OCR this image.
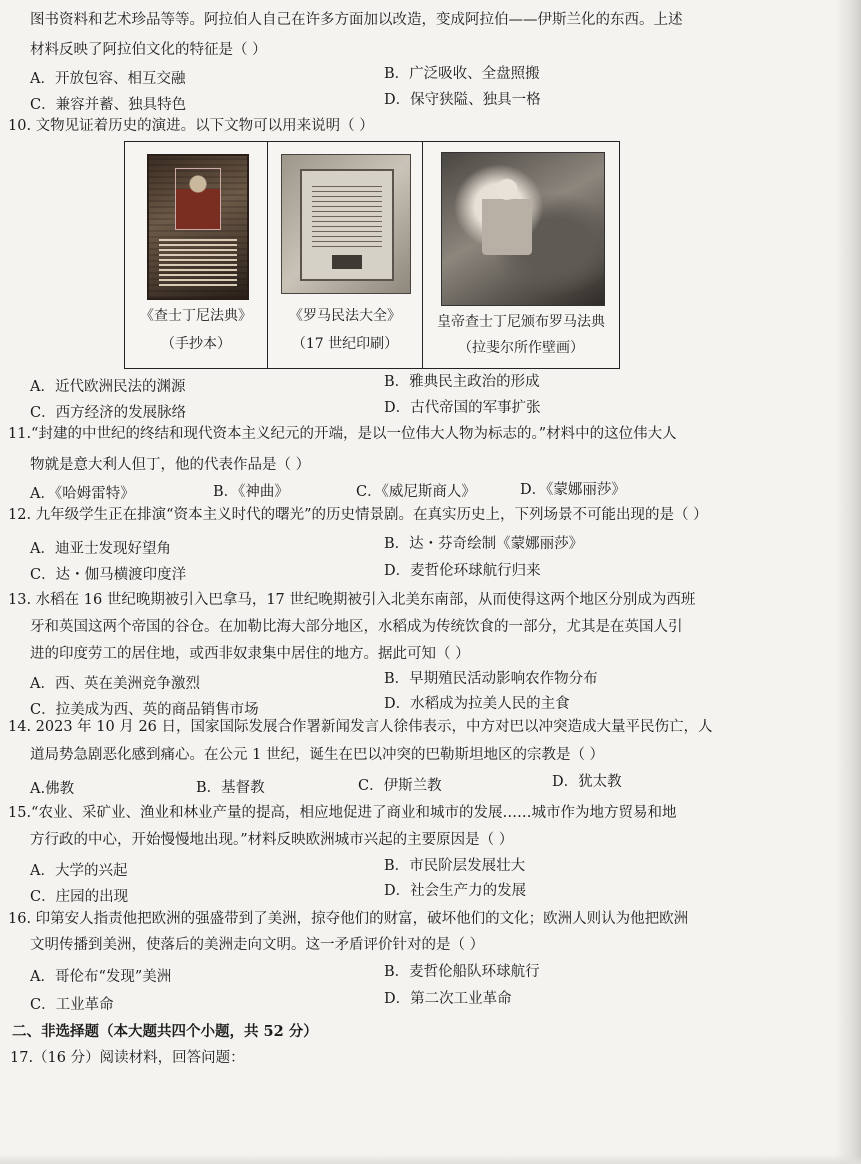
图书资料和艺术珍品等等。阿拉伯人自己在许多方面加以改造，变成阿拉伯——伊斯兰化的东西。上述
材料反映了阿拉伯文化的特征是（ ）
A．开放包容、相互交融	B．广泛吸收、全盘照搬
C．兼容并蓄、独具特色	D．保守狭隘、独具一格
10. 文物见证着历史的演进。以下文物可以用来说明（ ）
《查士丁尼法典》
（手抄本）
《罗马民法大全》
（17 世纪印刷）
皇帝查士丁尼颁布罗马法典
（拉斐尔所作壁画）
A．近代欧洲民法的渊源	B．雅典民主政治的形成
C．西方经济的发展脉络	D．古代帝国的军事扩张
11.“封建的中世纪的终结和现代资本主义纪元的开端，是以一位伟大人物为标志的。”材料中的这位伟大人
物就是意大利人但丁，他的代表作品是（ ）
A．《哈姆雷特》	B．《神曲》	C．《威尼斯商人》	D．《蒙娜丽莎》
12. 九年级学生正在排演“资本主义时代的曙光”的历史情景剧。在真实历史上，下列场景不可能出现的是（ ）
A．迪亚士发现好望角	B．达・芬奇绘制《蒙娜丽莎》
C．达・伽马横渡印度洋	D．麦哲伦环球航行归来
13. 水稻在 16 世纪晚期被引入巴拿马，17 世纪晚期被引入北美东南部，从而使得这两个地区分别成为西班
牙和英国这两个帝国的谷仓。在加勒比海大部分地区，水稻成为传统饮食的一部分，尤其是在英国人引
进的印度劳工的居住地，或西非奴隶集中居住的地方。据此可知（ ）
A．西、英在美洲竞争激烈	B．早期殖民活动影响农作物分布
C．拉美成为西、英的商品销售市场	D．水稻成为拉美人民的主食
14. 2023 年 10 月 26 日，国家国际发展合作署新闻发言人徐伟表示，中方对巴以冲突造成大量平民伤亡，人
道局势急剧恶化感到痛心。在公元 1 世纪，诞生在巴以冲突的巴勒斯坦地区的宗教是（ ）
A.佛教	B．基督教	C．伊斯兰教	D．犹太教
15.“农业、采矿业、渔业和林业产量的提高，相应地促进了商业和城市的发展……城市作为地方贸易和地
方行政的中心，开始慢慢地出现。”材料反映欧洲城市兴起的主要原因是（ ）
A．大学的兴起	B．市民阶层发展壮大
C．庄园的出现	D．社会生产力的发展
16. 印第安人指责他把欧洲的强盛带到了美洲，掠夺他们的财富，破坏他们的文化；欧洲人则认为他把欧洲
文明传播到美洲，使落后的美洲走向文明。这一矛盾评价针对的是（ ）
A．哥伦布“发现”美洲	B．麦哲伦船队环球航行
C．工业革命	D．第二次工业革命
二、非选择题（本大题共四个小题，共 52 分）
17.（16 分）阅读材料，回答问题：
